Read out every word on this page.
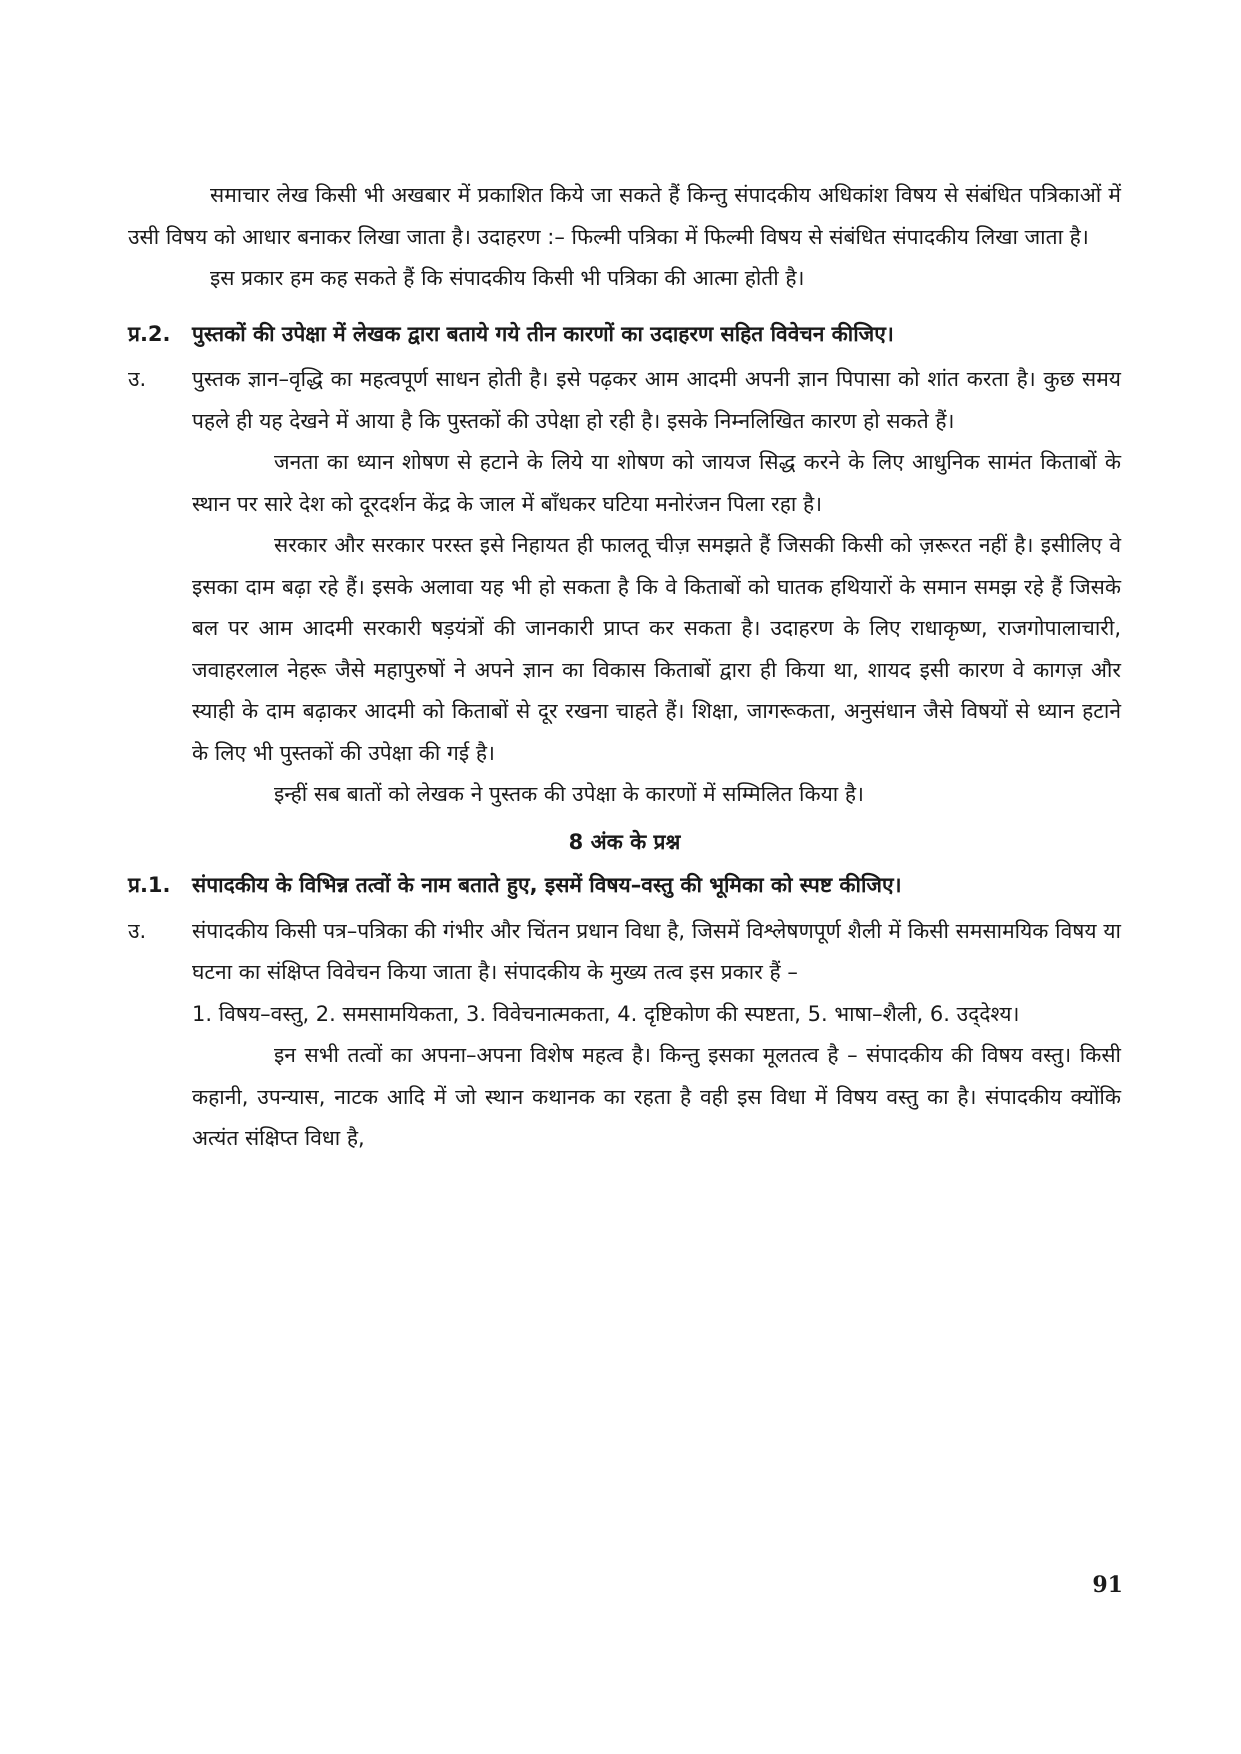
समाचार लेख किसी भी अखबार में प्रकाशित किये जा सकते हैं किन्तु संपादकीय अधिकांश विषय से संबंधित पत्रिकाओं में उसी विषय को आधार बनाकर लिखा जाता है। उदाहरण :– फिल्मी पत्रिका में फिल्मी विषय से संबंधित संपादकीय लिखा जाता है।

इस प्रकार हम कह सकते हैं कि संपादकीय किसी भी पत्रिका की आत्मा होती है।

प्र.2.	पुस्तकों की उपेक्षा में लेखक द्वारा बताये गये तीन कारणों का उदाहरण सहित विवेचन कीजिए।

उ.	पुस्तक ज्ञान–वृद्धि का महत्वपूर्ण साधन होती है। इसे पढ़कर आम आदमी अपनी ज्ञान पिपासा को शांत करता है। कुछ समय पहले ही यह देखने में आया है कि पुस्तकों की उपेक्षा हो रही है। इसके निम्नलिखित कारण हो सकते हैं।

जनता का ध्यान शोषण से हटाने के लिये या शोषण को जायज सिद्ध करने के लिए आधुनिक सामंत किताबों के स्थान पर सारे देश को दूरदर्शन केंद्र के जाल में बाँधकर घटिया मनोरंजन पिला रहा है।

सरकार और सरकार परस्त इसे निहायत ही फालतू चीज़ समझते हैं जिसकी किसी को ज़रूरत नहीं है। इसीलिए वे इसका दाम बढ़ा रहे हैं। इसके अलावा यह भी हो सकता है कि वे किताबों को घातक हथियारों के समान समझ रहे हैं जिसके बल पर आम आदमी सरकारी षड़यंत्रों की जानकारी प्राप्त कर सकता है। उदाहरण के लिए राधाकृष्ण, राजगोपालाचारी, जवाहरलाल नेहरू जैसे महापुरुषों ने अपने ज्ञान का विकास किताबों द्वारा ही किया था, शायद इसी कारण वे कागज़ और स्याही के दाम बढ़ाकर आदमी को किताबों से दूर रखना चाहते हैं। शिक्षा, जागरूकता, अनुसंधान जैसे विषयों से ध्यान हटाने के लिए भी पुस्तकों की उपेक्षा की गई है।

इन्हीं सब बातों को लेखक ने पुस्तक की उपेक्षा के कारणों में सम्मिलित किया है।

8 अंक के प्रश्न
प्र.1.	संपादकीय के विभिन्न तत्वों के नाम बताते हुए, इसमें विषय–वस्तु की भूमिका को स्पष्ट कीजिए।

उ.	संपादकीय किसी पत्र–पत्रिका की गंभीर और चिंतन प्रधान विधा है, जिसमें विश्लेषणपूर्ण शैली में किसी समसामयिक विषय या घटना का संक्षिप्त विवेचन किया जाता है। संपादकीय के मुख्य तत्व इस प्रकार हैं –

1. विषय–वस्तु, 2. समसामयिकता, 3. विवेचनात्मकता, 4. दृष्टिकोण की स्पष्टता, 5. भाषा–शैली, 6. उद्‌देश्य।

इन सभी तत्वों का अपना–अपना विशेष महत्व है। किन्तु इसका मूलतत्व है – संपादकीय की विषय वस्तु। किसी कहानी, उपन्यास, नाटक आदि में जो स्थान कथानक का रहता है वही इस विधा में विषय वस्तु का है। संपादकीय क्योंकि अत्यंत संक्षिप्त विधा है,

91
